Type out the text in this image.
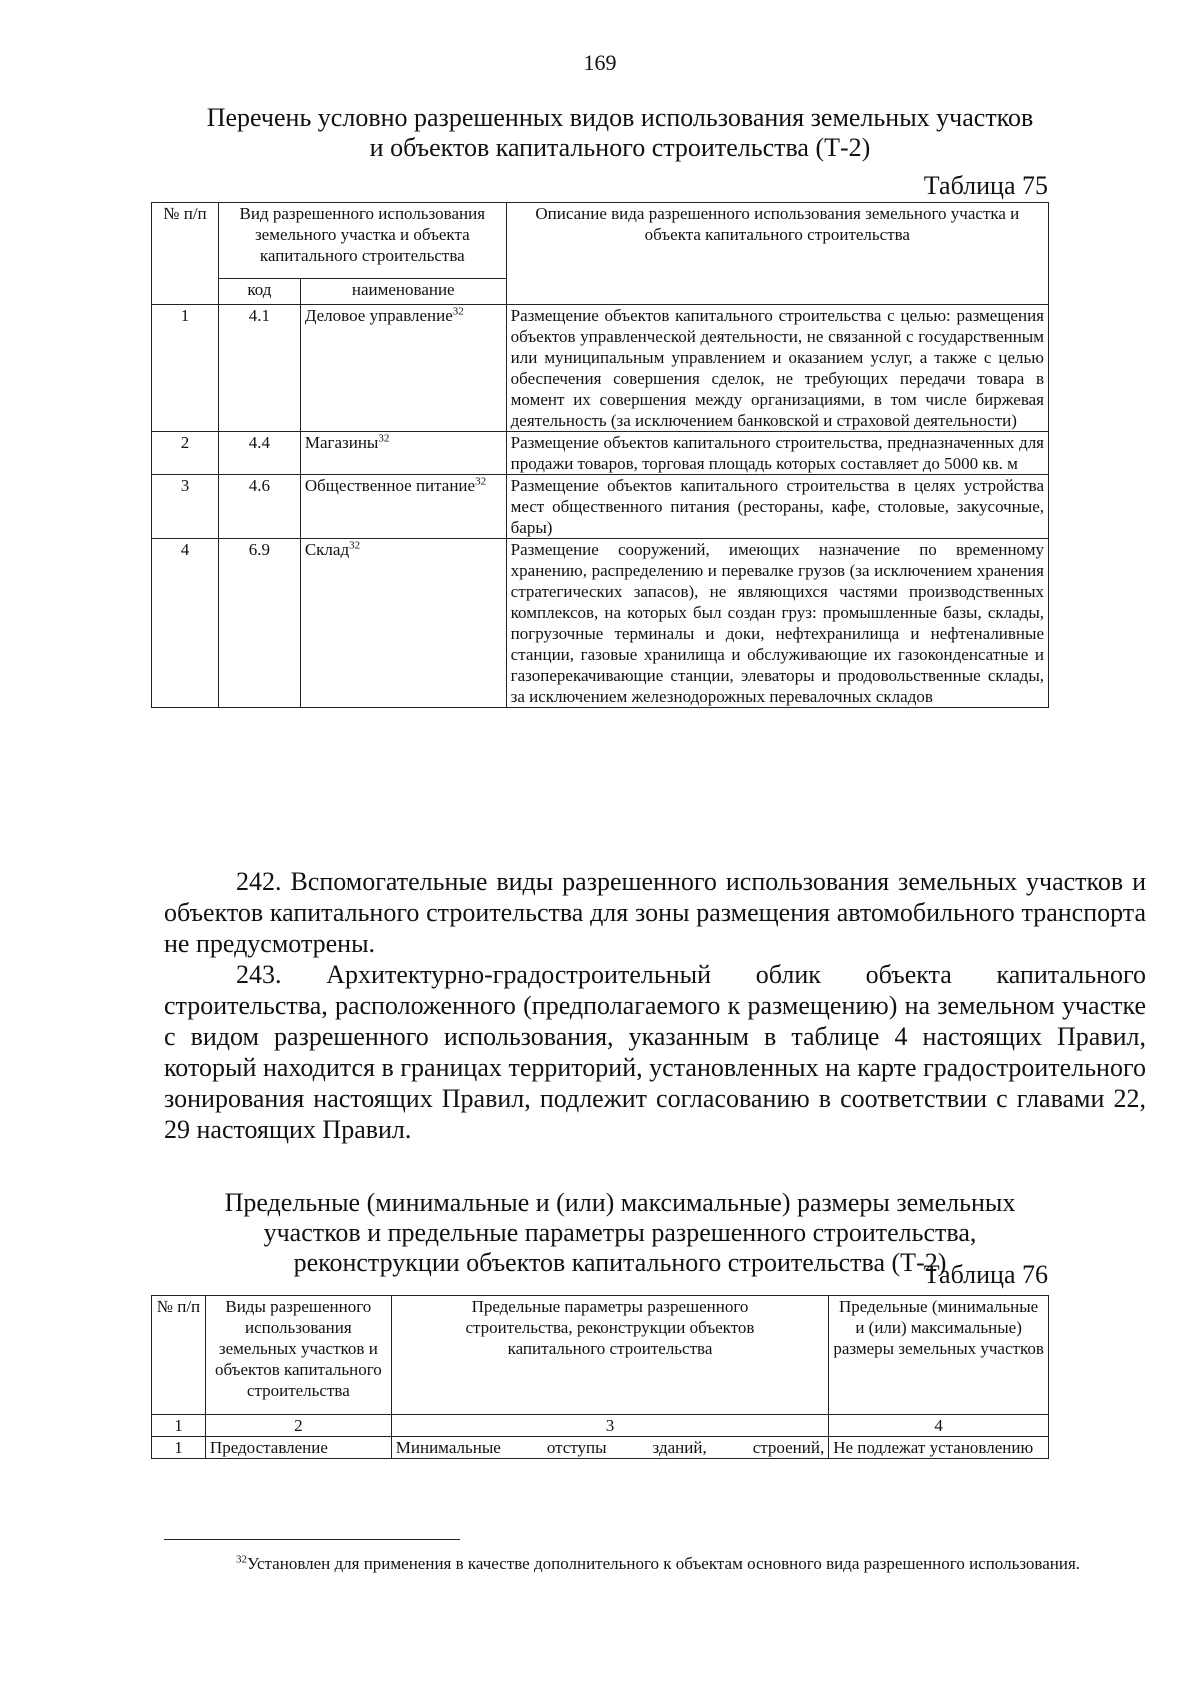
169
Перечень условно разрешенных видов использования земельных участков
и объектов капитального строительства (Т-2)
Таблица 75
№ п/п	Вид разрешенного использования земельного участка и объекта капитального строительства		Описание вида разрешенного использования земельного участка и объекта капитального строительства
	код	наименование	
1	4.1	Деловое управление$^{32}$	Размещение объектов капитального строительства с целью: размещения объектов управленческой деятельности, не связанной с государственным или муниципальным управлением и оказанием услуг, а также с целью обеспечения совершения сделок, не требующих передачи товара в момент их совершения между организациями, в том числе биржевая деятельность (за исключением банковской и страховой деятельности)
2	4.4	Магазины$^{32}$	Размещение объектов капитального строительства, предназначенных для продажи товаров, торговая площадь которых составляет до 5000 кв. м
3	4.6	Общественное питание$^{32}$	Размещение объектов капитального строительства в целях устройства мест общественного питания (рестораны, кафе, столовые, закусочные, бары)
4	6.9	Склад$^{32}$	Размещение сооружений, имеющих назначение по временному хранению, распределению и перевалке грузов (за исключением хранения стратегических запасов), не являющихся частями производственных комплексов, на которых был создан груз: промышленные базы, склады, погрузочные терминалы и доки, нефтехранилища и нефтеналивные станции, газовые хранилища и обслуживающие их газоконденсатные и газоперекачивающие станции, элеваторы и продовольственные склады, за исключением железнодорожных перевалочных складов

242. Вспомогательные виды разрешенного использования земельных участков и объектов капитального строительства для зоны размещения автомобильного транспорта не предусмотрены.

243. Архитектурно-градостроительный облик объекта капитального строительства, расположенного (предполагаемого к размещению) на земельном участке с видом разрешенного использования, указанным в таблице 4 настоящих Правил, который находится в границах территорий, установленных на карте градостроительного зонирования настоящих Правил, подлежит согласованию в соответствии с главами 22, 29 настоящих Правил.

Предельные (минимальные и (или) максимальные) размеры земельных
участков и предельные параметры разрешенного строительства,
реконструкции объектов капитального строительства (Т-2)
Таблица 76
№ п/п	Виды разрешенного использования земельных участков и объектов капитального строительства	Предельные параметры разрешенного строительства, реконструкции объектов капитального строительства	Предельные (минимальные и (или) максимальные) размеры земельных участков
1	2	3	4
1	Предоставление	Минимальные отступы зданий, строений,	Не подлежат установлению
$^{32}$Установлен для применения в качестве дополнительного к объектам основного вида разрешенного использования.
